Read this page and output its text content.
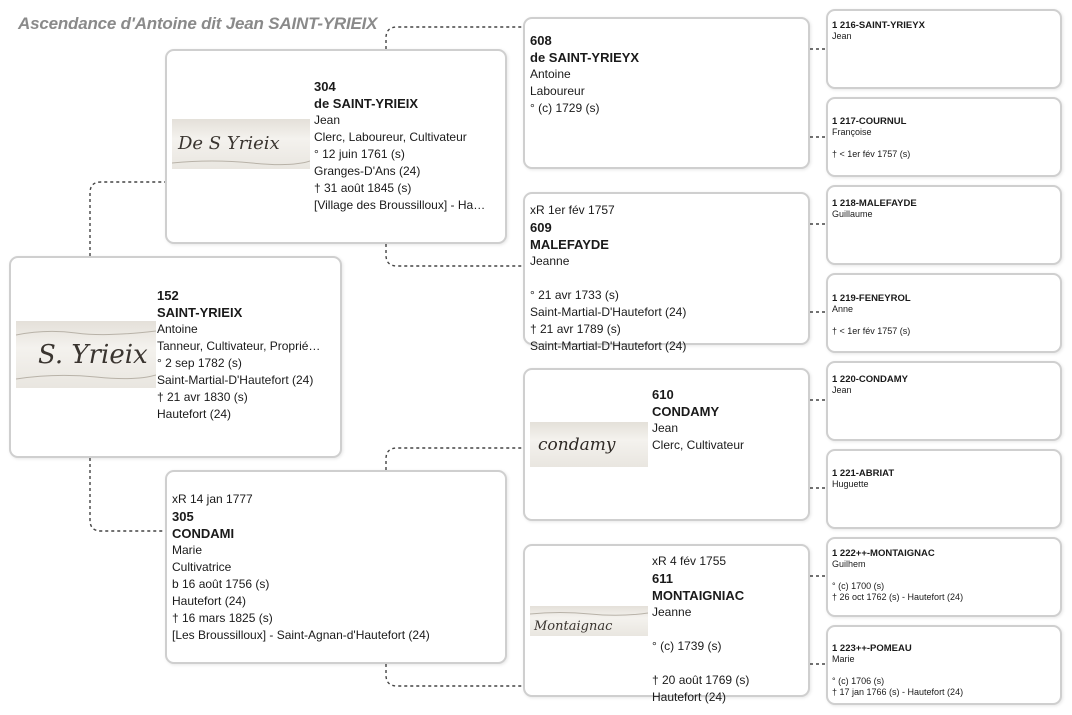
Ascendance d'Antoine dit Jean SAINT-YRIEIX
S. Yrieix
152
SAINT-YRIEIX
Antoine
Tanneur, Cultivateur, Proprié…
° 2 sep 1782 (s)
Saint-Martial-D'Hautefort (24)
† 21 avr 1830 (s)
Hautefort (24)
De S Yrieix
304
de SAINT-YRIEIX
Jean
Clerc, Laboureur, Cultivateur
° 12 juin 1761 (s)
Granges-D'Ans (24)
† 31 août 1845 (s)
[Village des Broussilloux] - Ha…
xR 14 jan 1777
305
CONDAMI
Marie
Cultivatrice
b 16 août 1756 (s)
Hautefort (24)
† 16 mars 1825 (s)
[Les Broussilloux] - Saint-Agnan-d'Hautefort (24)
608
de SAINT-YRIEYX
Antoine
Laboureur
° (c) 1729 (s)
xR 1er fév 1757
609
MALEFAYDE
Jeanne
° 21 avr 1733 (s)
Saint-Martial-D'Hautefort (24)
† 21 avr 1789 (s)
Saint-Martial-D'Hautefort (24)
condamy
610
CONDAMY
Jean
Clerc, Cultivateur
Montaignac
xR 4 fév 1755
611
MONTAIGNIAC
Jeanne
° (c) 1739 (s)
† 20 août 1769 (s)
Hautefort (24)
1 216-SAINT-YRIEYX
Jean
1 217-COURNUL
Françoise
† < 1er fév 1757 (s)
1 218-MALEFAYDE
Guillaume
1 219-FENEYROL
Anne
† < 1er fév 1757 (s)
1 220-CONDAMY
Jean
1 221-ABRIAT
Huguette
1 222++-MONTAIGNAC
Guilhem
° (c) 1700 (s)
† 26 oct 1762 (s) - Hautefort (24)
1 223++-POMEAU
Marie
° (c) 1706 (s)
† 17 jan 1766 (s) - Hautefort (24)
